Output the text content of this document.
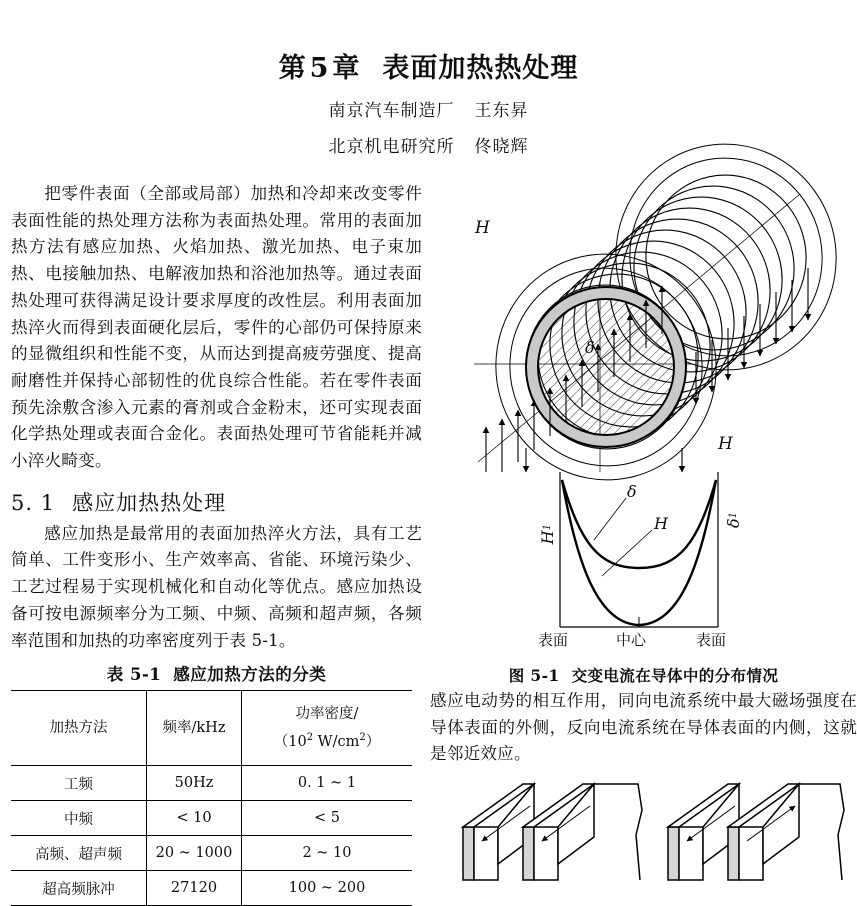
第 5 章 表面加热热处理
南京汽车制造厂 王东昇
北京机电研究所 佟晓辉

把零件表面（全部或局部）加热和冷却来改变零件表面性能的热处理方法称为表面热处理。常用的表面加热方法有感应加热、火焰加热、激光加热、电子束加热、电接触加热、电解液加热和浴池加热等。通过表面热处理可获得满足设计要求厚度的改性层。利用表面加热淬火而得到表面硬化层后，零件的心部仍可保持原来的显微组织和性能不变，从而达到提高疲劳强度、提高耐磨性并保持心部韧性的优良综合性能。若在零件表面预先涂敷含渗入元素的膏剂或合金粉末，还可实现表面化学热处理或表面合金化。表面热处理可节省能耗并减小淬火畸变。

5. 1 感应加热热处理

感应加热是最常用的表面加热淬火方法，具有工艺简单、工件变形小、生产效率高、省能、环境污染少、工艺过程易于实现机械化和自动化等优点。感应加热设备可按电源频率分为工频、中频、高频和超声频，各频率范围和加热的功率密度列于表 5-1。

表 5-1 感应加热方法的分类
加热方法	频率/kHz	功率密度/
（$10^2$ $W/cm^2$）

工频	50Hz	0. 1 ~ 1
中频	< 10	< 5
高频、超声频	20 ~ 1000	2 ~ 10
超高频脉冲	27120	100 ~ 200
H
H
δ
δ
H
H1	δ1
表面	中心	表面
图 5-1 交变电流在导体中的分布情况

感应电动势的相互作用，同向电流系统中最大磁场强度在导体表面的外侧，反向电流系统在导体表面的内侧，这就是邻近效应。
